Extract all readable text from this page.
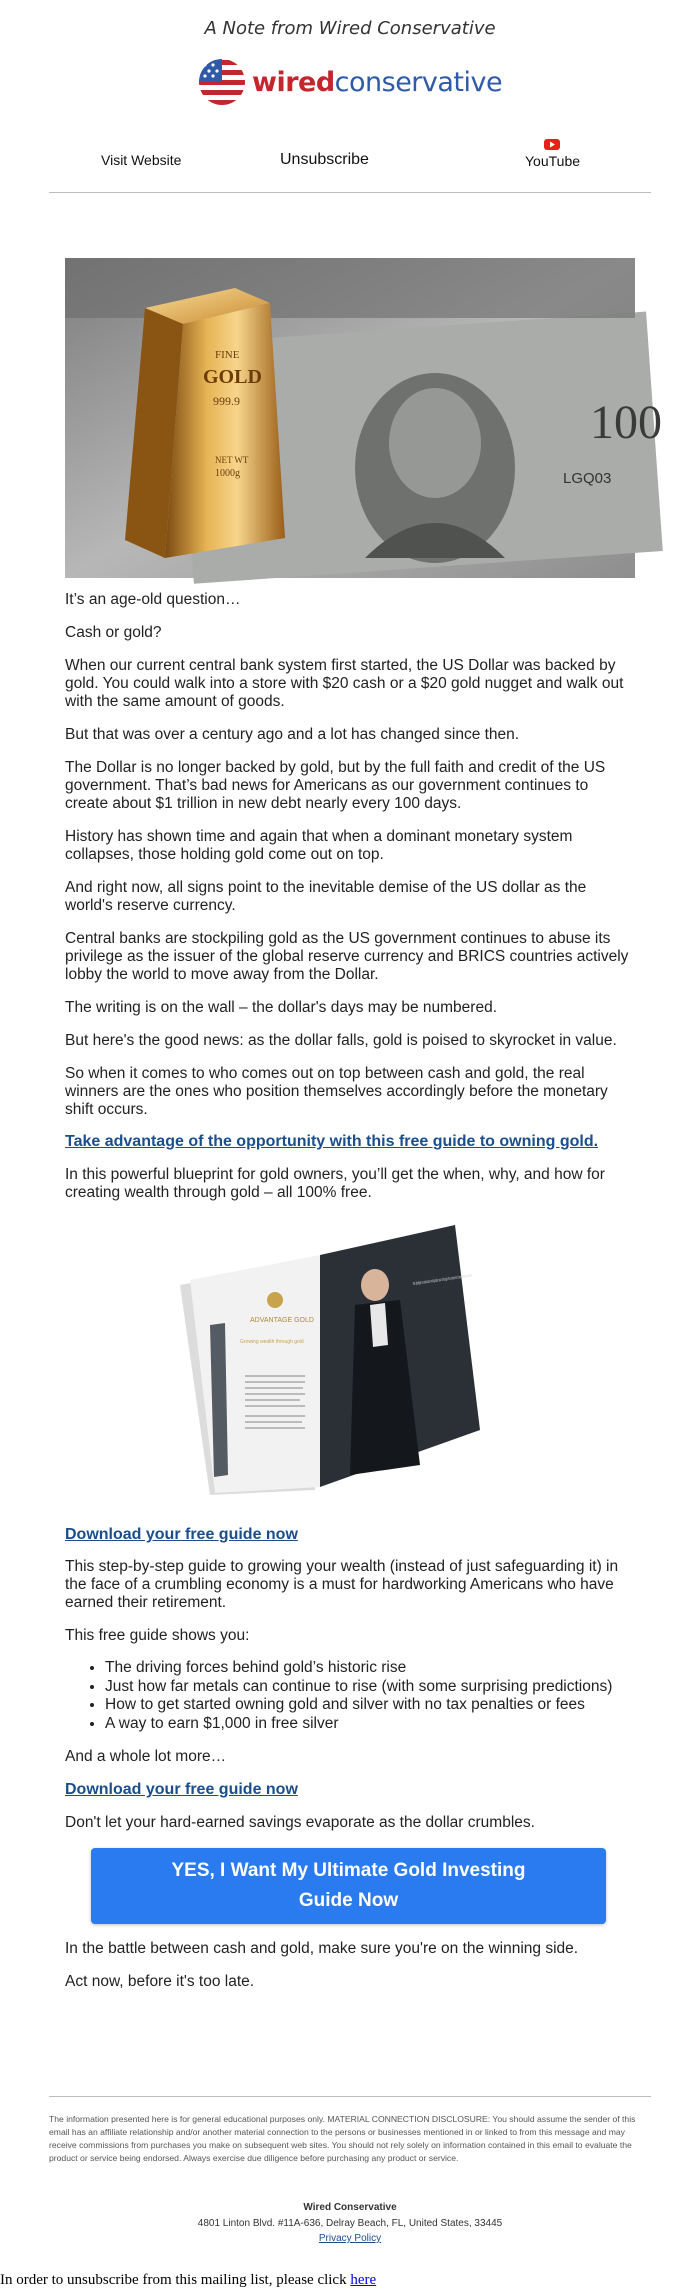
A Note from Wired Conservative
wiredconservative
Visit Website	Unsubscribe	YouTube
100
LGQ03
FINE
GOLD
999.9
NET WT
1000g
It’s an age-old question…
Cash or gold?
When our current central bank system first started, the US Dollar was backed by gold. You could walk into a store with $20 cash or a $20 gold nugget and walk out with the same amount of goods.
But that was over a century ago and a lot has changed since then.
The Dollar is no longer backed by gold, but by the full faith and credit of the US government. That’s bad news for Americans as our government continues to create about $1 trillion in new debt nearly every 100 days.
History has shown time and again that when a dominant monetary system collapses, those holding gold come out on top.
And right now, all signs point to the inevitable demise of the US dollar as the world's reserve currency.
Central banks are stockpiling gold as the US government continues to abuse its privilege as the issuer of the global reserve currency and BRICS countries actively lobby the world to move away from the Dollar.
The writing is on the wall – the dollar's days may be numbered.
But here's the good news: as the dollar falls, gold is poised to skyrocket in value.
So when it comes to who comes out on top between cash and gold, the real winners are the ones who position themselves accordingly before the monetary shift occurs.
Take advantage of the opportunity with this free guide to owning gold.
In this powerful blueprint for gold owners, you’ll get the when, why, and how for creating wealth through gold – all 100% free.
ADVANTAGE GOLD
Growing wealth through gold
We pledge to educate and guide you through the process from start to finish.
Download your free guide now
This step-by-step guide to growing your wealth (instead of just safeguarding it) in the face of a crumbling economy is a must for hardworking Americans who have earned their retirement.
This free guide shows you:
• The driving forces behind gold’s historic rise
• Just how far metals can continue to rise (with some surprising predictions)
• How to get started owning gold and silver with no tax penalties or fees
• A way to earn $1,000 in free silver
And a whole lot more…
Download your free guide now
Don't let your hard-earned savings evaporate as the dollar crumbles.
YES, I Want My Ultimate Gold Investing Guide Now
In the battle between cash and gold, make sure you're on the winning side.
Act now, before it's too late.
The information presented here is for general educational purposes only. MATERIAL CONNECTION DISCLOSURE: You should assume the sender of this email has an affiliate relationship and/or another material connection to the persons or businesses mentioned in or linked to from this message and may receive commissions from purchases you make on subsequent web sites. You should not rely solely on information contained in this email to evaluate the product or service being endorsed. Always exercise due diligence before purchasing any product or service.
Wired Conservative
4801 Linton Blvd. #11A-636, Delray Beach, FL, United States, 33445
Privacy Policy
In order to unsubscribe from this mailing list, please click here
